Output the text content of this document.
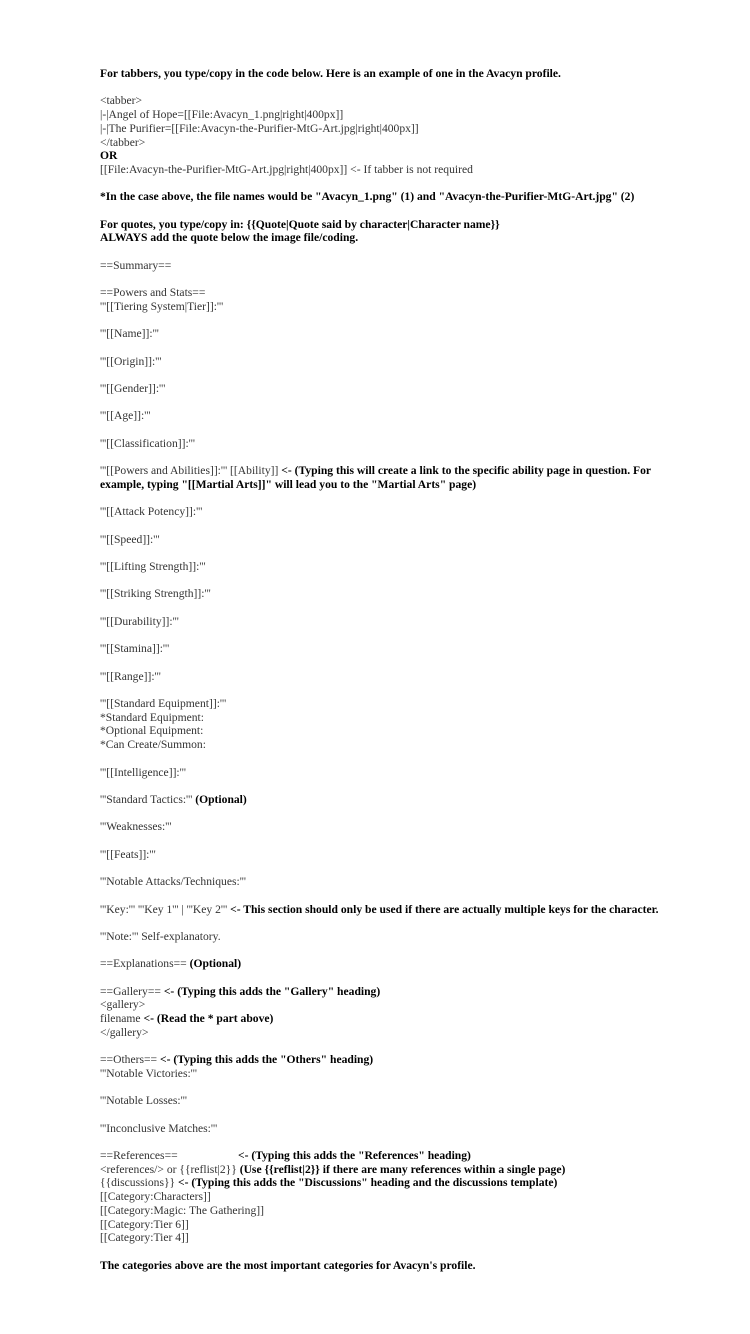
For tabbers, you type/copy in the code below. Here is an example of one in the Avacyn profile.
<tabber>
|-|Angel of Hope=[[File:Avacyn_1.png|right|400px]]
|-|The Purifier=[[File:Avacyn-the-Purifier-MtG-Art.jpg|right|400px]]
</tabber>
OR
[[File:Avacyn-the-Purifier-MtG-Art.jpg|right|400px]] <- If tabber is not required
*In the case above, the file names would be "Avacyn_1.png" (1) and "Avacyn-the-Purifier-MtG-Art.jpg" (2)
For quotes, you type/copy in: {{Quote|Quote said by character|Character name}}
ALWAYS add the quote below the image file/coding.
==Summary==
==Powers and Stats==
'''[[Tiering System|Tier]]:'''
'''[[Name]]:'''
'''[[Origin]]:'''
'''[[Gender]]:'''
'''[[Age]]:'''
'''[[Classification]]:'''
'''[[Powers and Abilities]]:''' [[Ability]] <- (Typing this will create a link to the specific ability page in question. For example, typing "[[Martial Arts]]" will lead you to the "Martial Arts" page)
'''[[Attack Potency]]:'''
'''[[Speed]]:'''
'''[[Lifting Strength]]:'''
'''[[Striking Strength]]:'''
'''[[Durability]]:'''
'''[[Stamina]]:'''
'''[[Range]]:'''
'''[[Standard Equipment]]:'''
*Standard Equipment:
*Optional Equipment:
*Can Create/Summon:
'''[[Intelligence]]:'''
'''Standard Tactics:''' (Optional)
'''Weaknesses:'''
'''[[Feats]]:'''
'''Notable Attacks/Techniques:'''
'''Key:''' '''Key 1''' | '''Key 2''' <- This section should only be used if there are actually multiple keys for the character.
'''Note:''' Self-explanatory.
==Explanations== (Optional)
==Gallery== <- (Typing this adds the "Gallery" heading)
<gallery>
filename <- (Read the * part above)
</gallery>
==Others== <- (Typing this adds the "Others" heading)
'''Notable Victories:'''
'''Notable Losses:'''
'''Inconclusive Matches:'''
==References==	<- (Typing this adds the "References" heading)
<references/> or {{reflist|2}} (Use {{reflist|2}} if there are many references within a single page)
{{discussions}} <- (Typing this adds the "Discussions" heading and the discussions template)
[[Category:Characters]]
[[Category:Magic: The Gathering]]
[[Category:Tier 6]]
[[Category:Tier 4]]
The categories above are the most important categories for Avacyn's profile.
